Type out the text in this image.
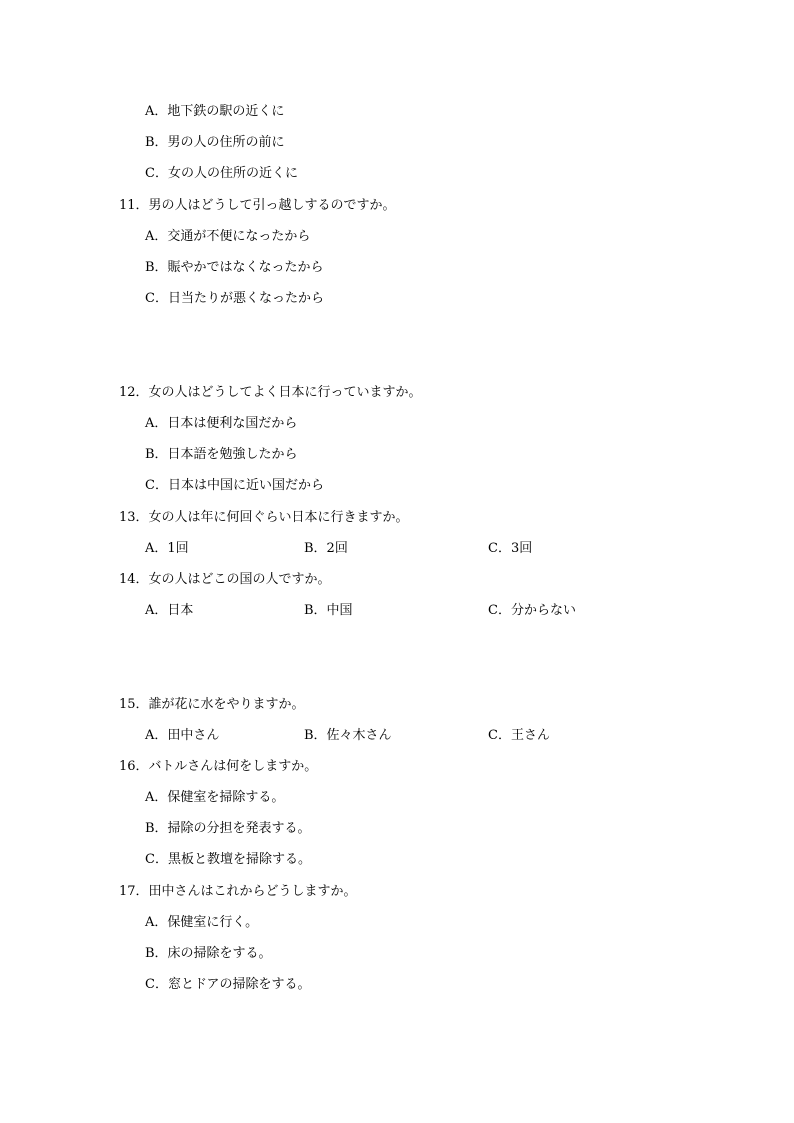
A．地下鉄の駅の近くに
B．男の人の住所の前に
C．女の人の住所の近くに
11．男の人はどうして引っ越しするのですか。
A．交通が不便になったから
B．賑やかではなくなったから
C．日当たりが悪くなったから
12．女の人はどうしてよく日本に行っていますか。
A．日本は便利な国だから
B．日本語を勉強したから
C．日本は中国に近い国だから
13．女の人は年に何回ぐらい日本に行きますか。
A．1回	B．2回	C．3回
14．女の人はどこの国の人ですか。
A．日本	B．中国	C．分からない
15．誰が花に水をやりますか。
A．田中さん	B．佐々木さん	C．王さん
16．バトルさんは何をしますか。
A．保健室を掃除する。
B．掃除の分担を発表する。
C．黒板と教壇を掃除する。
17．田中さんはこれからどうしますか。
A．保健室に行く。
B．床の掃除をする。
C．窓とドアの掃除をする。
